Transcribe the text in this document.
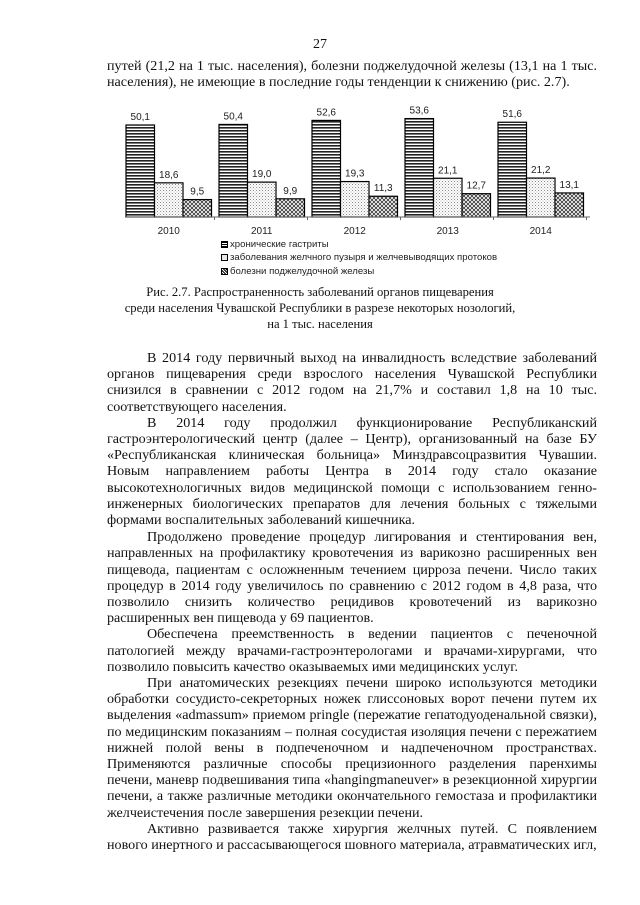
27

путей (21,2 на 1 тыс. населения), болезни поджелудочной железы (13,1 на 1 тыс. населения), не имеющие в последние годы тенденции к снижению (рис. 2.7).

50,1
18,6
9,5
50,4
19,0
9,9
52,6
19,3
11,3
53,6
21,1
12,7
51,6
21,2
13,1
2010	2011	2012	2013	2014
хронические гастриты
заболевания желчного пузыря и желчевыводящих протоков
болезни поджелудочной железы
Рис. 2.7. Распространенность заболеваний органов пищеварения
среди населения Чувашской Республики в разрезе некоторых нозологий,
на 1 тыс. населения

В 2014 году первичный выход на инвалидность вследствие заболеваний органов пищеварения среди взрослого населения Чувашской Республики снизился в сравнении с 2012 годом на 21,7% и составил 1,8 на 10 тыс. соответствующего населения.

В 2014 году продолжил функционирование Республиканский гастроэнтерологический центр (далее – Центр), организованный на базе БУ «Республиканская клиническая больница» Минздравсоцразвития Чувашии. Новым направлением работы Центра в 2014 году стало оказание высокотехнологичных видов медицинской помощи с использованием генно-инженерных биологических препаратов для лечения больных с тяжелыми формами воспалительных заболеваний кишечника.

Продолжено проведение процедур лигирования и стентирования вен, направленных на профилактику кровотечения из варикозно расширенных вен пищевода, пациентам с осложненным течением цирроза печени. Число таких процедур в 2014 году увеличилось по сравнению с 2012 годом в 4,8 раза, что позволило снизить количество рецидивов кровотечений из варикозно расширенных вен пищевода у 69 пациентов.

Обеспечена преемственность в ведении пациентов с печеночной патологией между врачами-гастроэнтерологами и врачами-хирургами, что позволило повысить качество оказываемых ими медицинских услуг.

При анатомических резекциях печени широко используются методики обработки сосудисто-секреторных ножек глиссоновых ворот печени путем их выделения «admassum» приемом pringle (пережатие гепатодуоденальной связки), по медицинским показаниям – полная сосудистая изоляция печени с пережатием нижней полой вены в подпеченочном и надпеченочном пространствах. Применяются различные способы прецизионного разделения паренхимы печени, маневр подвешивания типа «hangingmaneuver» в резекционной хирургии печени, а также различные методики окончательного гемостаза и профилактики желчеистечения после завершения резекции печени.

Активно развивается также хирургия желчных путей. С появлением нового инертного и рассасывающегося шовного материала, атравматических игл,
